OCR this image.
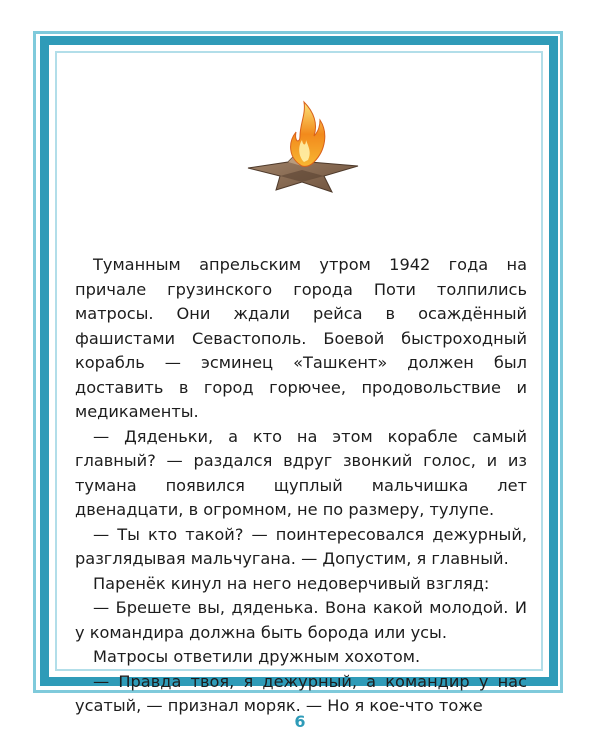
Туманным апрельским утром 1942 года на причале грузинского города Поти толпились матросы. Они ждали рейса в осаждённый фашистами Севастополь. Боевой быстроходный корабль — эсминец «Ташкент» должен был доставить в город горючее, продовольствие и медикаменты.

— Дяденьки, а кто на этом корабле самый главный? — раздался вдруг звонкий голос, и из тумана появился щуплый мальчишка лет двенадцати, в огромном, не по размеру, тулупе.

— Ты кто такой? — поинтересовался дежурный, разглядывая мальчугана. — Допустим, я главный.

Паренёк кинул на него недоверчивый взгляд:

— Брешете вы, дяденька. Вона какой молодой. И у командира должна быть борода или усы.

Матросы ответили дружным хохотом.

— Правда твоя, я дежурный, а командир у нас усатый, — признал моряк. — Но я кое-что тоже

6
